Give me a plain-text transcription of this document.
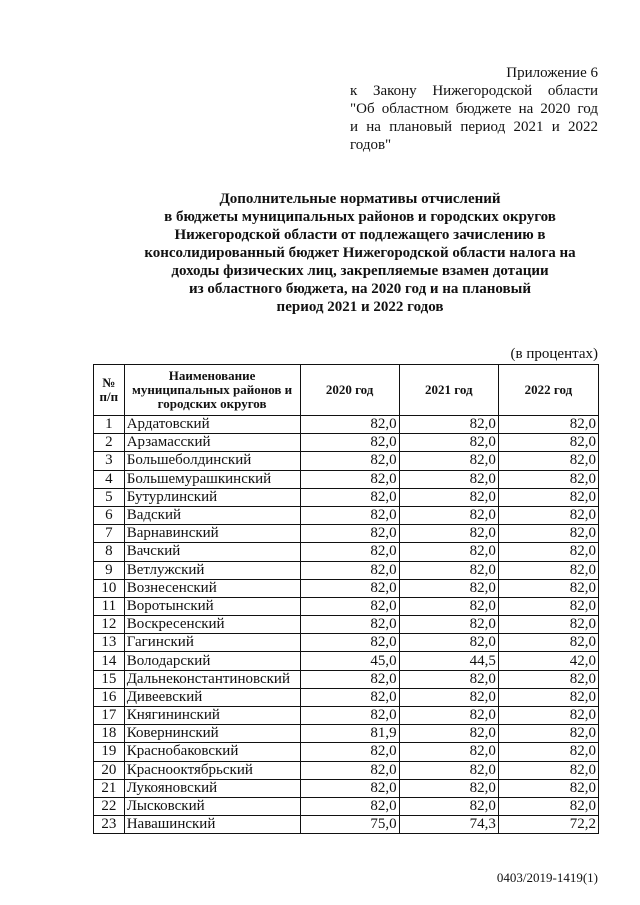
Приложение 6
к Закону Нижегородской области
"Об областном бюджете на 2020 год
и на плановый период 2021 и 2022
годов"
Дополнительные нормативы отчислений
в бюджеты муниципальных районов и городских округов
Нижегородской области от подлежащего зачислению в
консолидированный бюджет Нижегородской области налога на
доходы физических лиц, закрепляемые взамен дотации
из областного бюджета, на 2020 год и на плановый
период 2021 и 2022 годов
(в процентах)
№ п/п	Наименование муниципальных районов и городских округов	2020 год	2021 год	2022 год
1	Ардатовский	82,0	82,0	82,0
2	Арзамасский	82,0	82,0	82,0
3	Большеболдинский	82,0	82,0	82,0
4	Большемурашкинский	82,0	82,0	82,0
5	Бутурлинский	82,0	82,0	82,0
6	Вадский	82,0	82,0	82,0
7	Варнавинский	82,0	82,0	82,0
8	Вачский	82,0	82,0	82,0
9	Ветлужский	82,0	82,0	82,0
10	Вознесенский	82,0	82,0	82,0
11	Воротынский	82,0	82,0	82,0
12	Воскресенский	82,0	82,0	82,0
13	Гагинский	82,0	82,0	82,0
14	Володарский	45,0	44,5	42,0
15	Дальнеконстантиновский	82,0	82,0	82,0
16	Дивеевский	82,0	82,0	82,0
17	Княгининский	82,0	82,0	82,0
18	Ковернинский	81,9	82,0	82,0
19	Краснобаковский	82,0	82,0	82,0
20	Краснооктябрьский	82,0	82,0	82,0
21	Лукояновский	82,0	82,0	82,0
22	Лысковский	82,0	82,0	82,0
23	Навашинский	75,0	74,3	72,2
0403/2019-1419(1)
